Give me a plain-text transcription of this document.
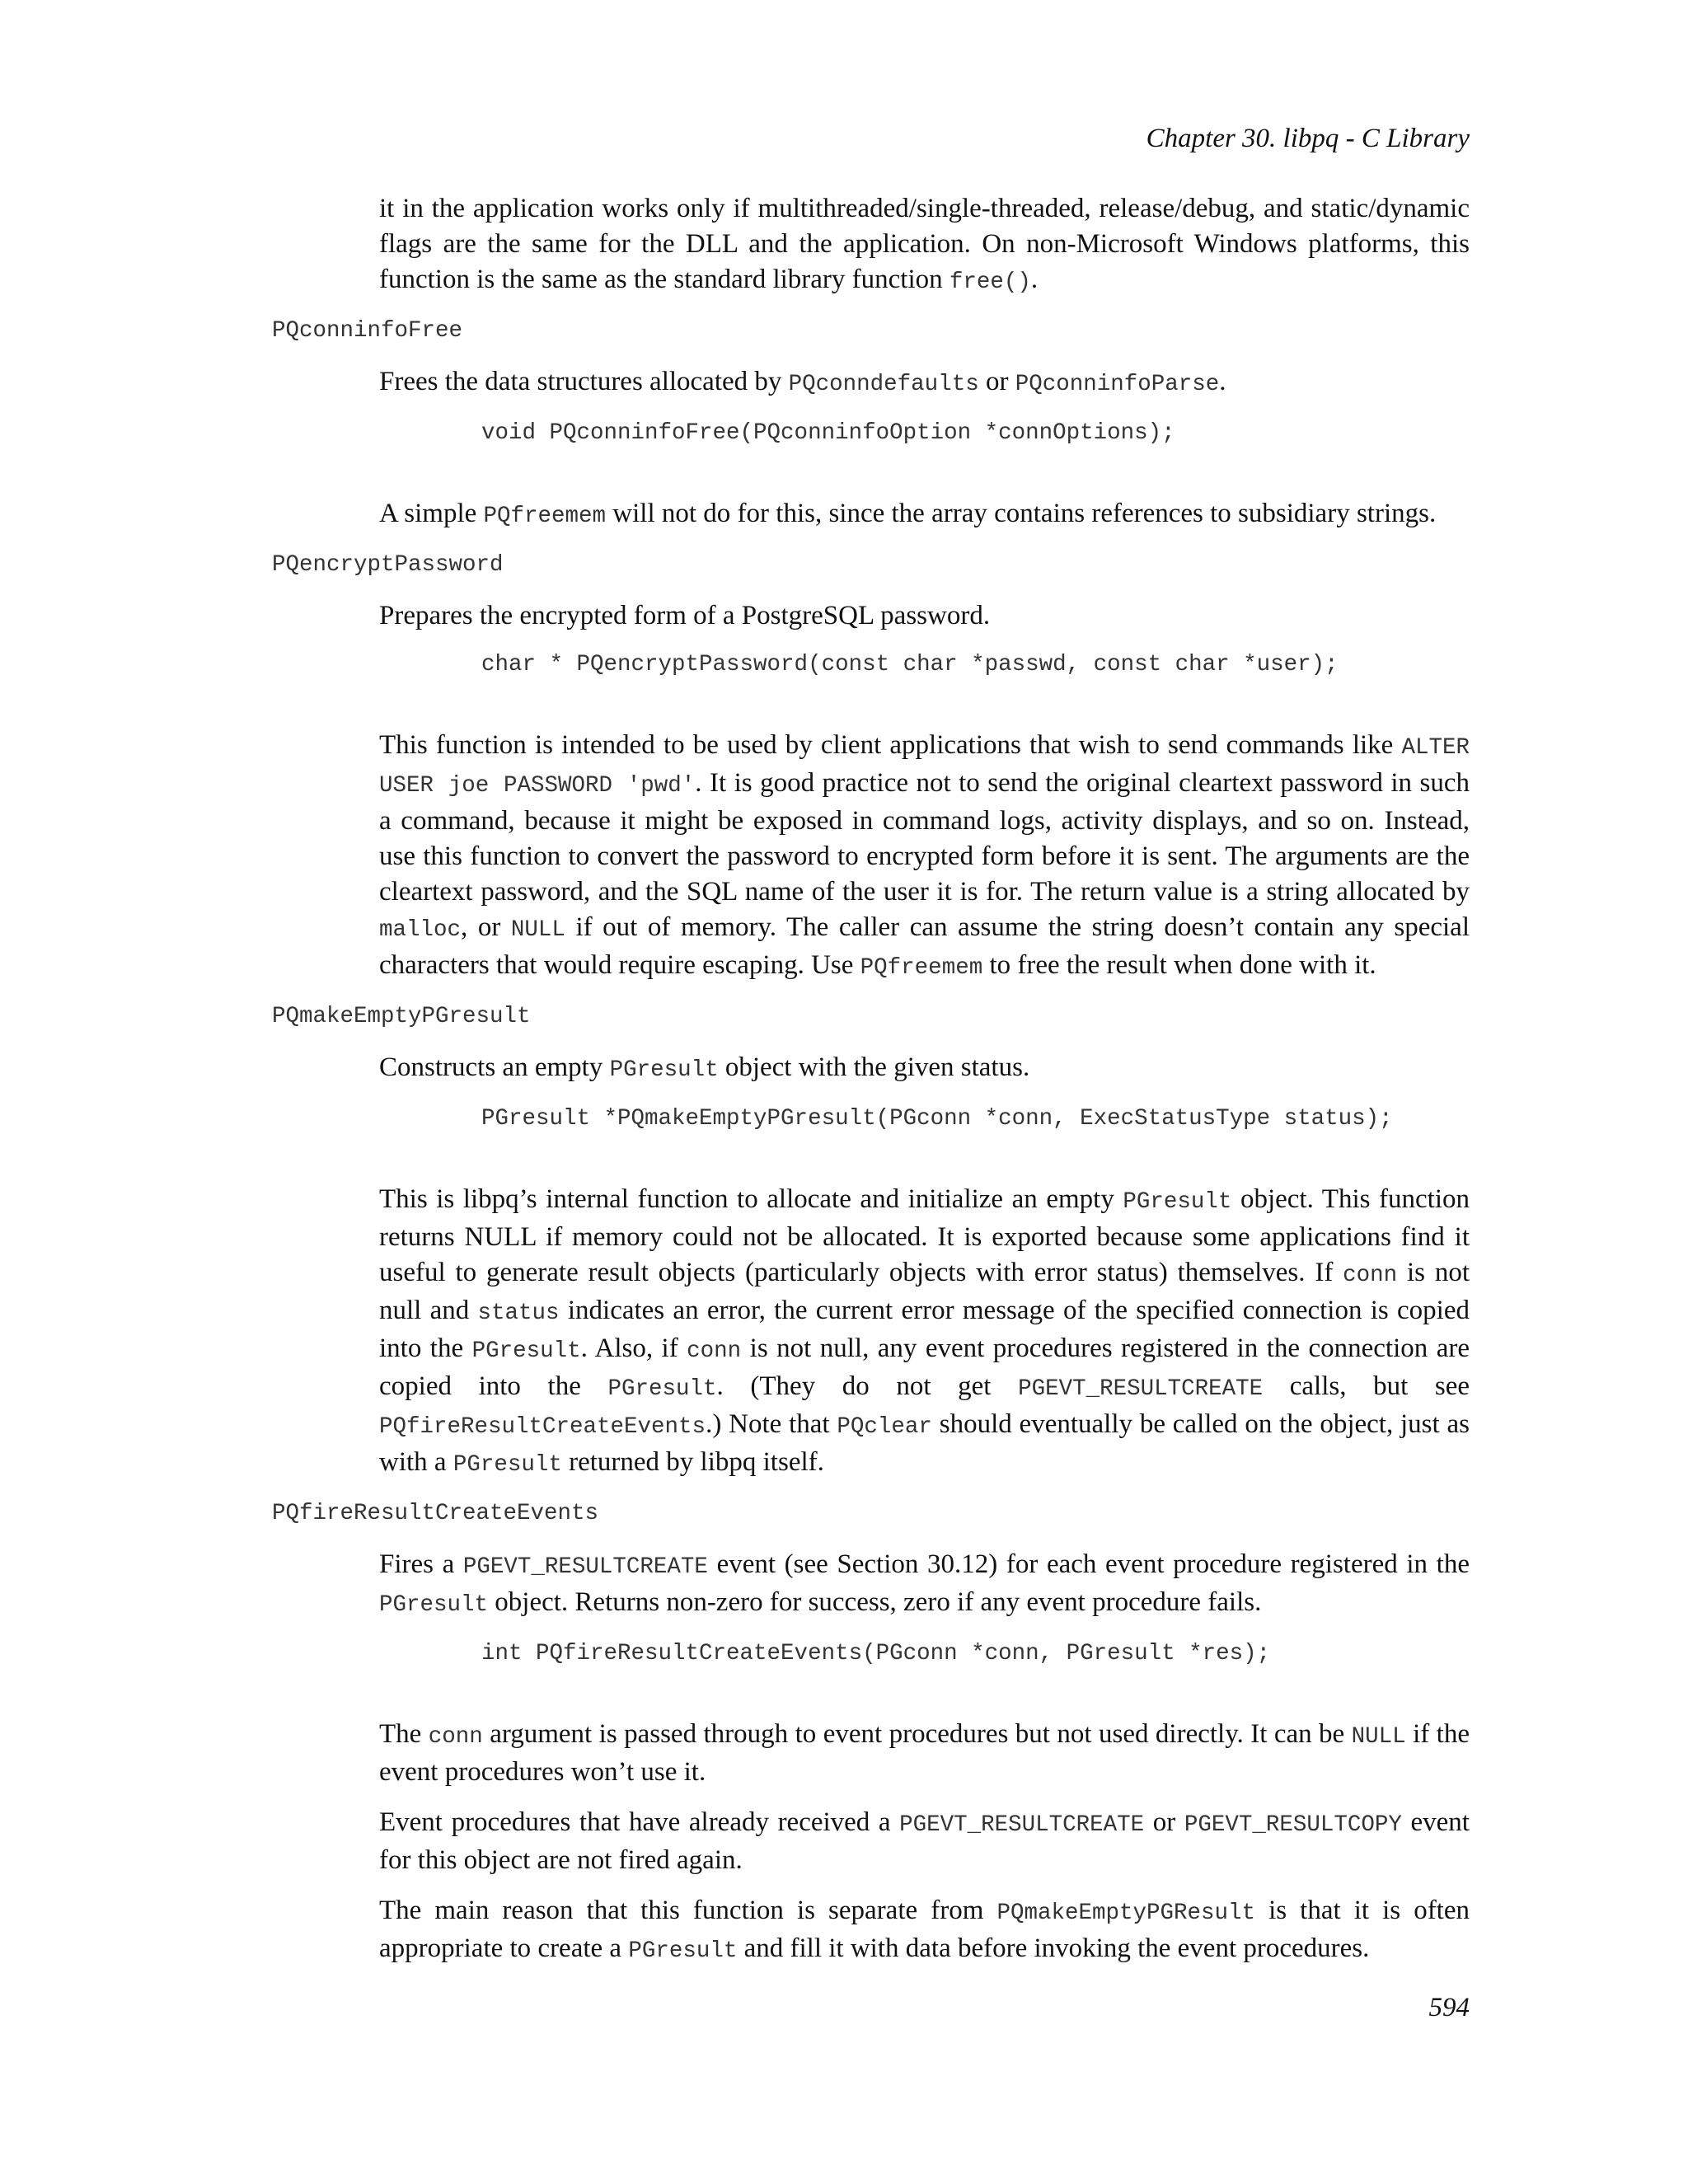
Chapter 30. libpq - C Library

it in the application works only if multithreaded/single-threaded, release/debug, and static/dynamic flags are the same for the DLL and the application. On non-Microsoft Windows platforms, this function is the same as the standard library function free().

PQconninfoFree

Frees the data structures allocated by PQconndefaults or PQconninfoParse.

void PQconninfoFree(PQconninfoOption *connOptions);

A simple PQfreemem will not do for this, since the array contains references to subsidiary strings.

PQencryptPassword

Prepares the encrypted form of a PostgreSQL password.

char * PQencryptPassword(const char *passwd, const char *user);

This function is intended to be used by client applications that wish to send commands like ALTER USER joe PASSWORD 'pwd'. It is good practice not to send the original cleartext password in such a command, because it might be exposed in command logs, activity displays, and so on. Instead, use this function to convert the password to encrypted form before it is sent. The arguments are the cleartext password, and the SQL name of the user it is for. The return value is a string allocated by malloc, or NULL if out of memory. The caller can assume the string doesn’t contain any special characters that would require escaping. Use PQfreemem to free the result when done with it.

PQmakeEmptyPGresult

Constructs an empty PGresult object with the given status.

PGresult *PQmakeEmptyPGresult(PGconn *conn, ExecStatusType status);

This is libpq’s internal function to allocate and initialize an empty PGresult object. This function returns NULL if memory could not be allocated. It is exported because some applications find it useful to generate result objects (particularly objects with error status) themselves. If conn is not null and status indicates an error, the current error message of the specified connection is copied into the PGresult. Also, if conn is not null, any event procedures registered in the connection are copied into the PGresult. (They do not get PGEVT_RESULTCREATE calls, but see PQfireResultCreateEvents.) Note that PQclear should eventually be called on the object, just as with a PGresult returned by libpq itself.

PQfireResultCreateEvents

Fires a PGEVT_RESULTCREATE event (see Section 30.12) for each event procedure registered in the PGresult object. Returns non-zero for success, zero if any event procedure fails.

int PQfireResultCreateEvents(PGconn *conn, PGresult *res);

The conn argument is passed through to event procedures but not used directly. It can be NULL if the event procedures won’t use it.

Event procedures that have already received a PGEVT_RESULTCREATE or PGEVT_RESULTCOPY event for this object are not fired again.

The main reason that this function is separate from PQmakeEmptyPGResult is that it is often appropriate to create a PGresult and fill it with data before invoking the event procedures.

594
